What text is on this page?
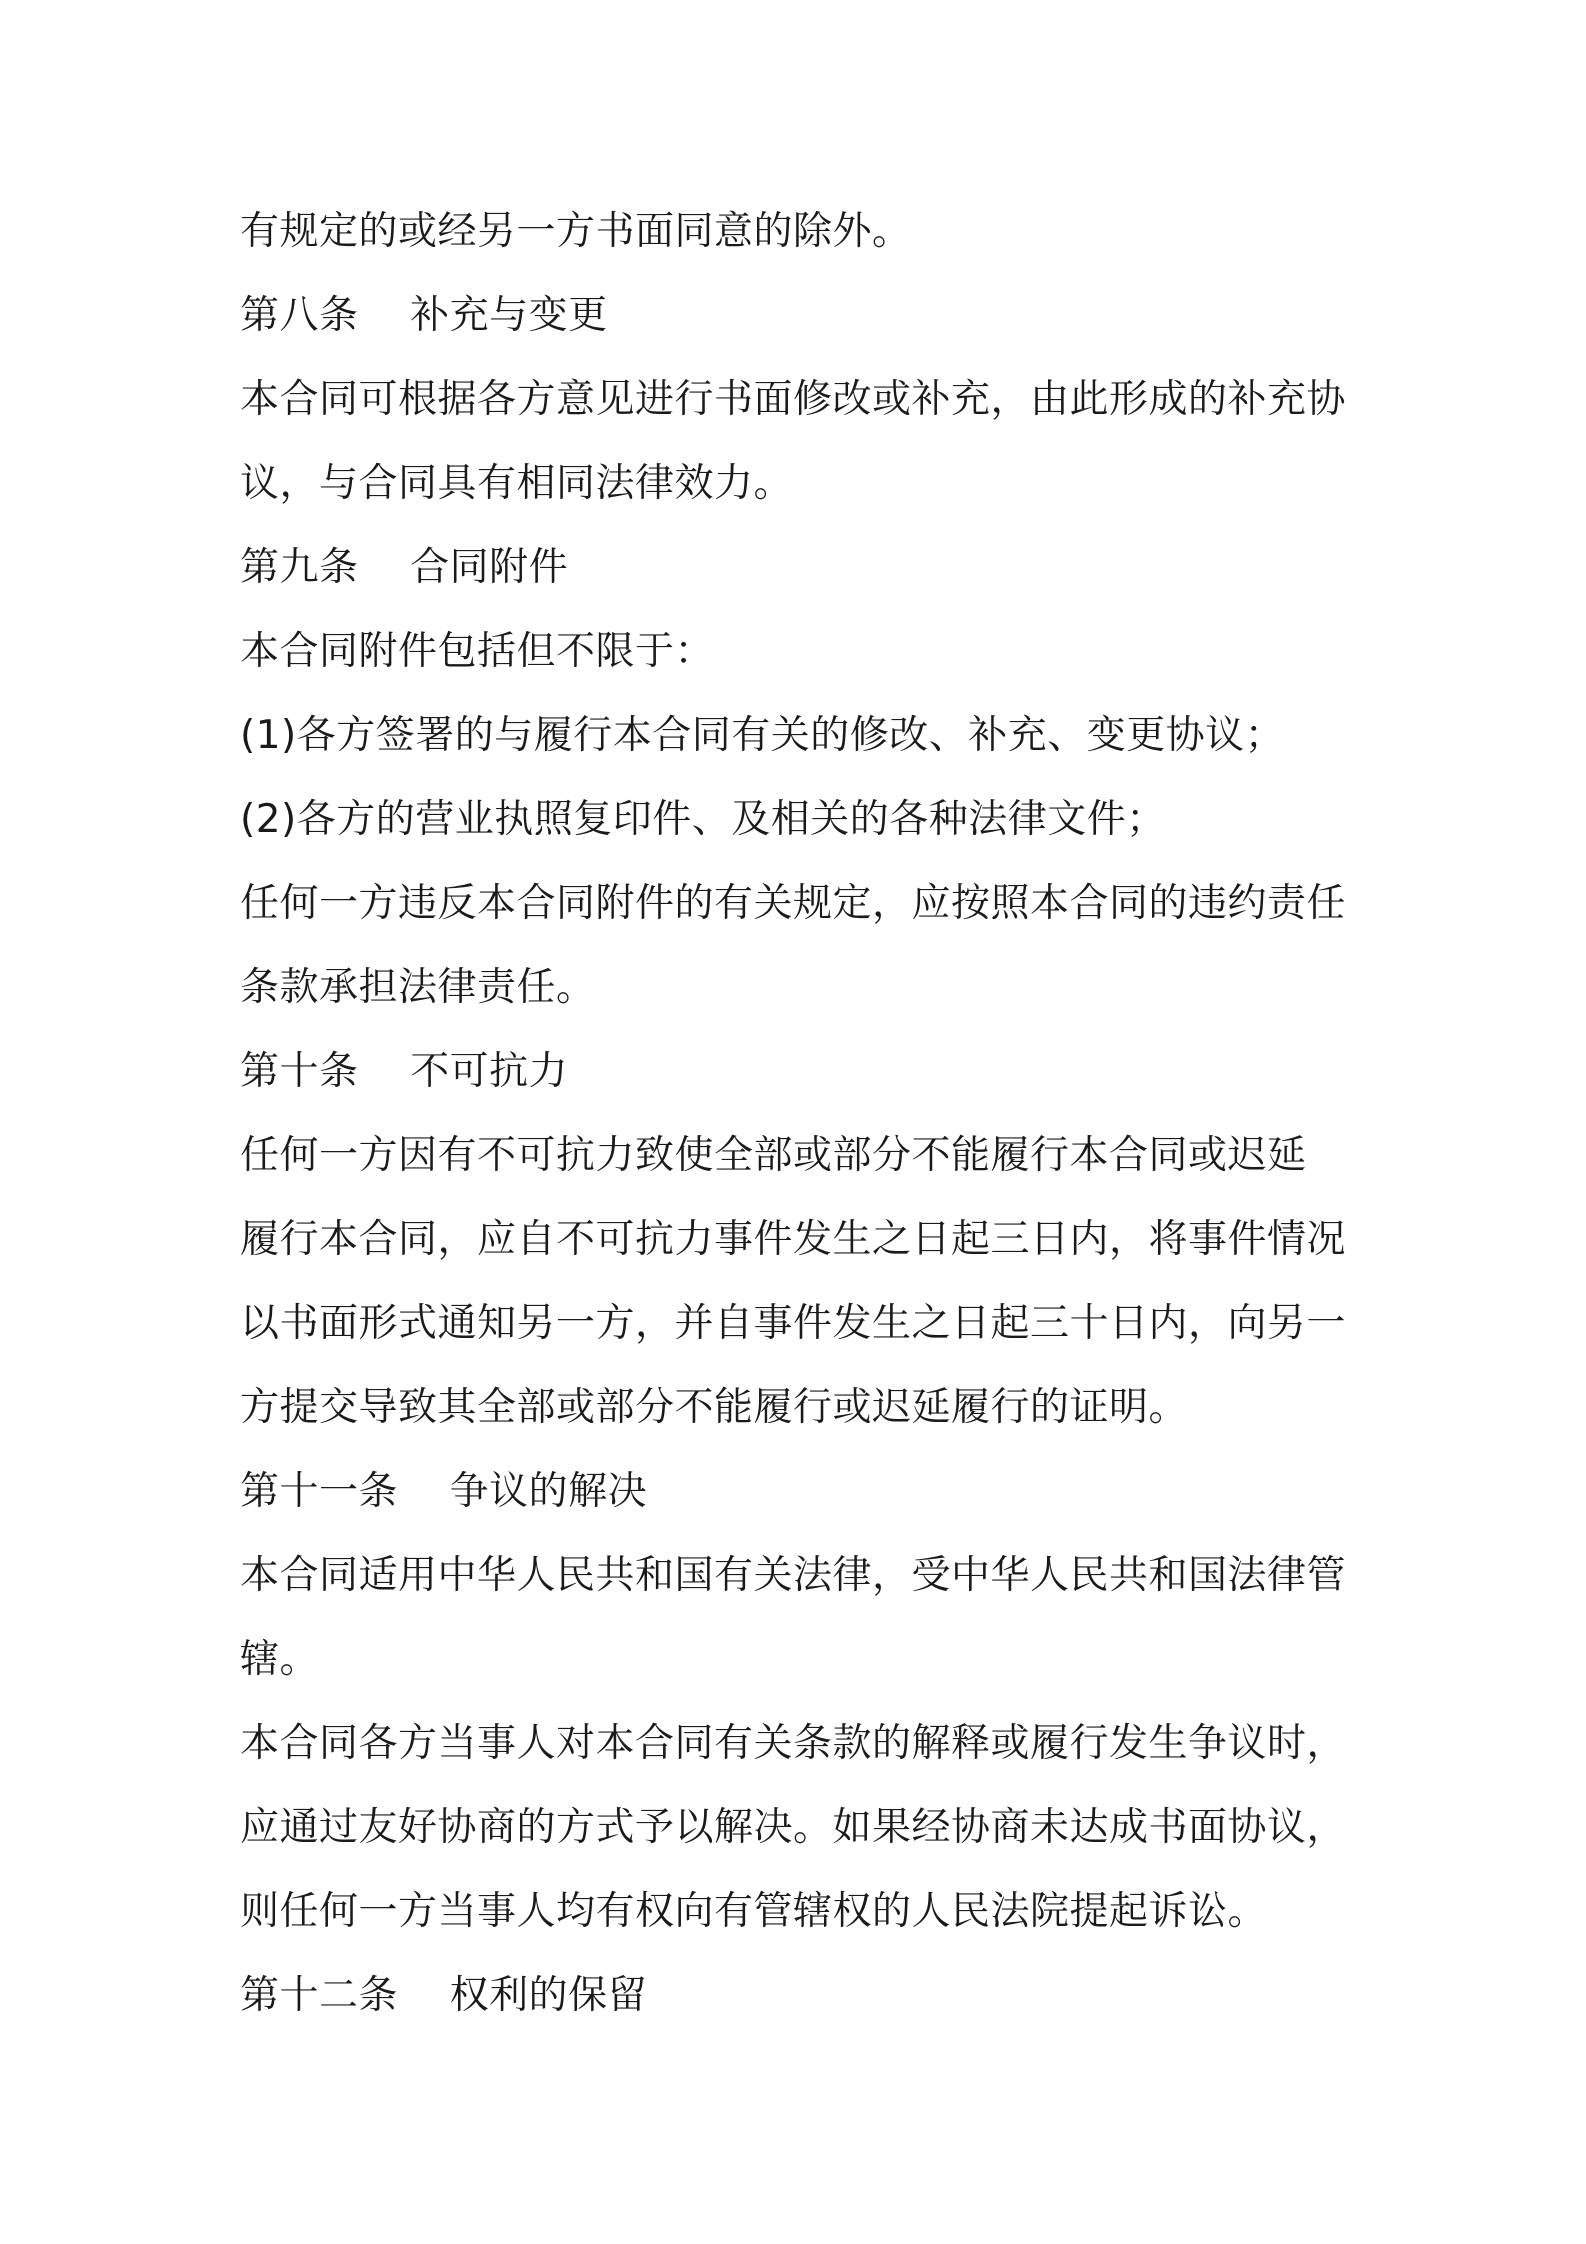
有规定的或经另一方书面同意的除外。
第八条    补充与变更
本合同可根据各方意见进行书面修改或补充，由此形成的补充协
议，与合同具有相同法律效力。
第九条    合同附件
本合同附件包括但不限于：
(1)各方签署的与履行本合同有关的修改、补充、变更协议；
(2)各方的营业执照复印件、及相关的各种法律文件；
任何一方违反本合同附件的有关规定，应按照本合同的违约责任
条款承担法律责任。
第十条    不可抗力
任何一方因有不可抗力致使全部或部分不能履行本合同或迟延
履行本合同，应自不可抗力事件发生之日起三日内，将事件情况
以书面形式通知另一方，并自事件发生之日起三十日内，向另一
方提交导致其全部或部分不能履行或迟延履行的证明。
第十一条    争议的解决
本合同适用中华人民共和国有关法律，受中华人民共和国法律管
辖。
本合同各方当事人对本合同有关条款的解释或履行发生争议时，
应通过友好协商的方式予以解决。如果经协商未达成书面协议，
则任何一方当事人均有权向有管辖权的人民法院提起诉讼。
第十二条    权利的保留
